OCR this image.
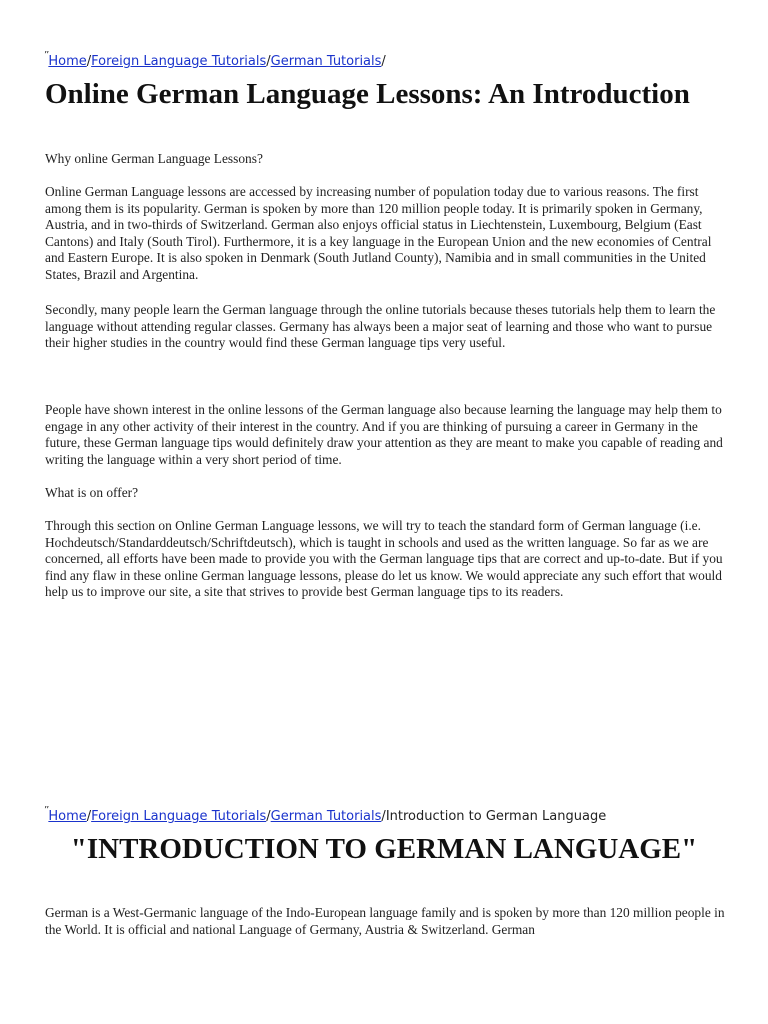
’’Home/Foreign Language Tutorials/German Tutorials/
Online German Language Lessons: An Introduction

Why online German Language Lessons?

Online German Language lessons are accessed by increasing number of population today due to various reasons. The first among them is its popularity. German is spoken by more than 120 million people today. It is primarily spoken in Germany, Austria, and in two-thirds of Switzerland. German also enjoys official status in Liechtenstein, Luxembourg, Belgium (East Cantons) and Italy (South Tirol). Furthermore, it is a key language in the European Union and the new economies of Central and Eastern Europe. It is also spoken in Denmark (South Jutland County), Namibia and in small communities in the United States, Brazil and Argentina.

Secondly, many people learn the German language through the online tutorials because theses tutorials help them to learn the language without attending regular classes. Germany has always been a major seat of learning and those who want to pursue their higher studies in the country would find these German language tips very useful.

People have shown interest in the online lessons of the German language also because learning the language may help them to engage in any other activity of their interest in the country. And if you are thinking of pursuing a career in Germany in the future, these German language tips would definitely draw your attention as they are meant to make you capable of reading and writing the language within a very short period of time.

What is on offer?

Through this section on Online German Language lessons, we will try to teach the standard form of German language (i.e. Hochdeutsch/Standarddeutsch/Schriftdeutsch), which is taught in schools and used as the written language. So far as we are concerned, all efforts have been made to provide you with the German language tips that are correct and up-to-date. But if you find any flaw in these online German language lessons, please do let us know. We would appreciate any such effort that would help us to improve our site, a site that strives to provide best German language tips to its readers.

’’Home/Foreign Language Tutorials/German Tutorials/Introduction to German Language
"INTRODUCTION TO GERMAN LANGUAGE"

German is a West-Germanic language of the Indo-European language family and is spoken by more than 120 million people in the World. It is official and national Language of Germany, Austria & Switzerland. German
